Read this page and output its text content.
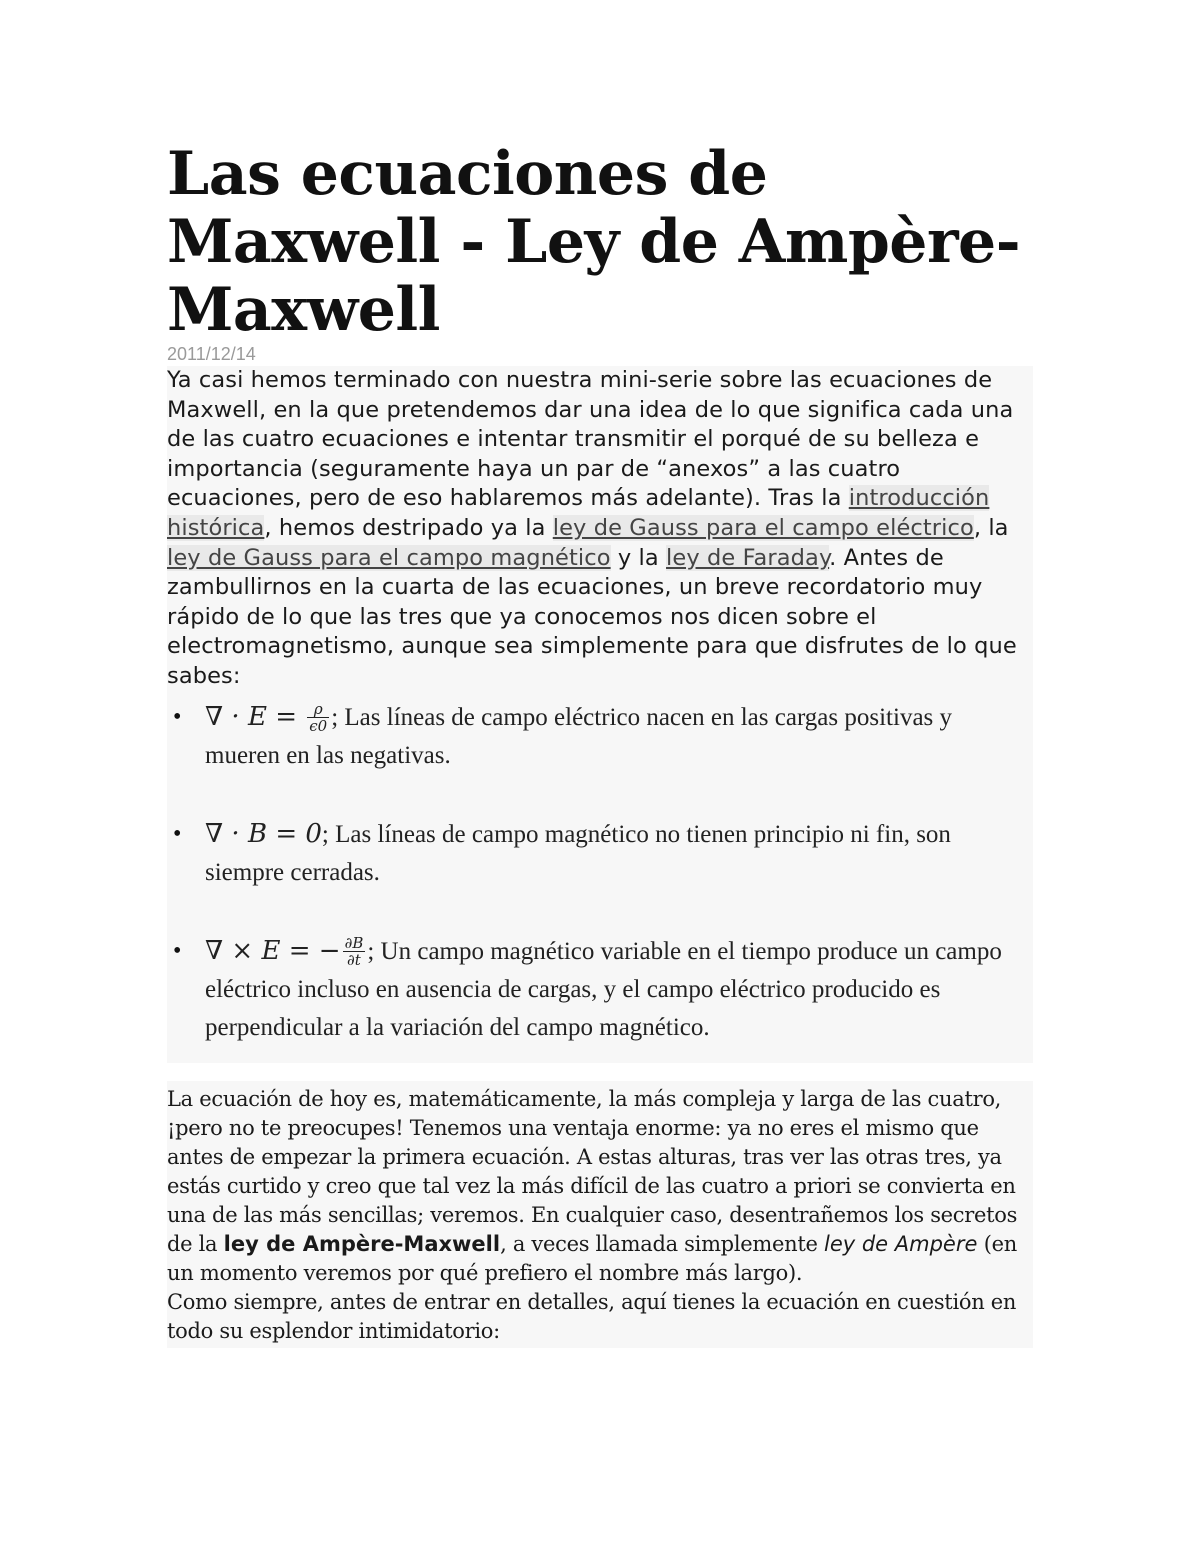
Las ecuaciones de Maxwell - Ley de Ampère-Maxwell
2011/12/14

Ya casi hemos terminado con nuestra mini-serie sobre las ecuaciones de Maxwell, en la que pretendemos dar una idea de lo que significa cada una de las cuatro ecuaciones e intentar transmitir el porqué de su belleza e importancia (seguramente haya un par de “anexos” a las cuatro ecuaciones, pero de eso hablaremos más adelante). Tras la introducción histórica, hemos destripado ya la ley de Gauss para el campo eléctrico, la ley de Gauss para el campo magnético y la ley de Faraday. Antes de zambullirnos en la cuarta de las ecuaciones, un breve recordatorio muy rápido de lo que las tres que ya conocemos nos dicen sobre el electromagnetismo, aunque sea simplemente para que disfrutes de lo que sabes:

• ∇ · $E = \frac{\rho}{\epsilon 0}$ ; Las líneas de campo eléctrico nacen en las cargas positivas y mueren en las negativas.
• ∇ · B = 0; Las líneas de campo magnético no tienen principio ni fin, son siempre cerradas.
• ∇ × E = − $\frac{\partial B}{\partial t}$ ; Un campo magnético variable en el tiempo produce un campo eléctrico incluso en ausencia de cargas, y el campo eléctrico producido es perpendicular a la variación del campo magnético.

La ecuación de hoy es, matemáticamente, la más compleja y larga de las cuatro, ¡pero no te preocupes! Tenemos una ventaja enorme: ya no eres el mismo que antes de empezar la primera ecuación. A estas alturas, tras ver las otras tres, ya estás curtido y creo que tal vez la más difícil de las cuatro a priori se convierta en una de las más sencillas; veremos. En cualquier caso, desentrañemos los secretos de la ley de Ampère-Maxwell, a veces llamada simplemente ley de Ampère (en un momento veremos por qué prefiero el nombre más largo).

Como siempre, antes de entrar en detalles, aquí tienes la ecuación en cuestión en todo su esplendor intimidatorio:
